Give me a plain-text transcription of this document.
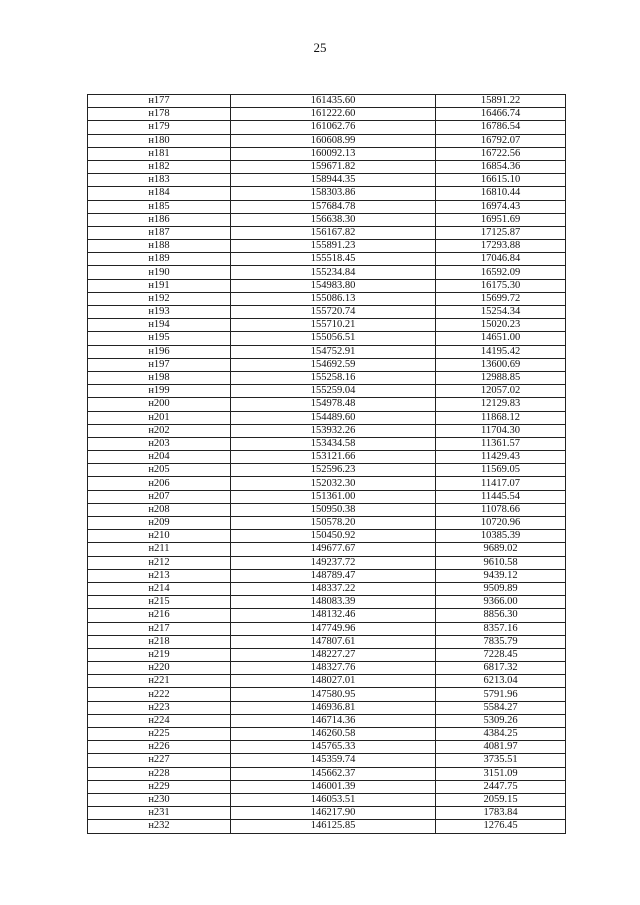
25
н177	161435.60	15891.22
н178	161222.60	16466.74
н179	161062.76	16786.54
н180	160608.99	16792.07
н181	160092.13	16722.56
н182	159671.82	16854.36
н183	158944.35	16615.10
н184	158303.86	16810.44
н185	157684.78	16974.43
н186	156638.30	16951.69
н187	156167.82	17125.87
н188	155891.23	17293.88
н189	155518.45	17046.84
н190	155234.84	16592.09
н191	154983.80	16175.30
н192	155086.13	15699.72
н193	155720.74	15254.34
н194	155710.21	15020.23
н195	155056.51	14651.00
н196	154752.91	14195.42
н197	154692.59	13600.69
н198	155258.16	12988.85
н199	155259.04	12057.02
н200	154978.48	12129.83
н201	154489.60	11868.12
н202	153932.26	11704.30
н203	153434.58	11361.57
н204	153121.66	11429.43
н205	152596.23	11569.05
н206	152032.30	11417.07
н207	151361.00	11445.54
н208	150950.38	11078.66
н209	150578.20	10720.96
н210	150450.92	10385.39
н211	149677.67	9689.02
н212	149237.72	9610.58
н213	148789.47	9439.12
н214	148337.22	9509.89
н215	148083.39	9366.00
н216	148132.46	8856.30
н217	147749.96	8357.16
н218	147807.61	7835.79
н219	148227.27	7228.45
н220	148327.76	6817.32
н221	148027.01	6213.04
н222	147580.95	5791.96
н223	146936.81	5584.27
н224	146714.36	5309.26
н225	146260.58	4384.25
н226	145765.33	4081.97
н227	145359.74	3735.51
н228	145662.37	3151.09
н229	146001.39	2447.75
н230	146053.51	2059.15
н231	146217.90	1783.84
н232	146125.85	1276.45
